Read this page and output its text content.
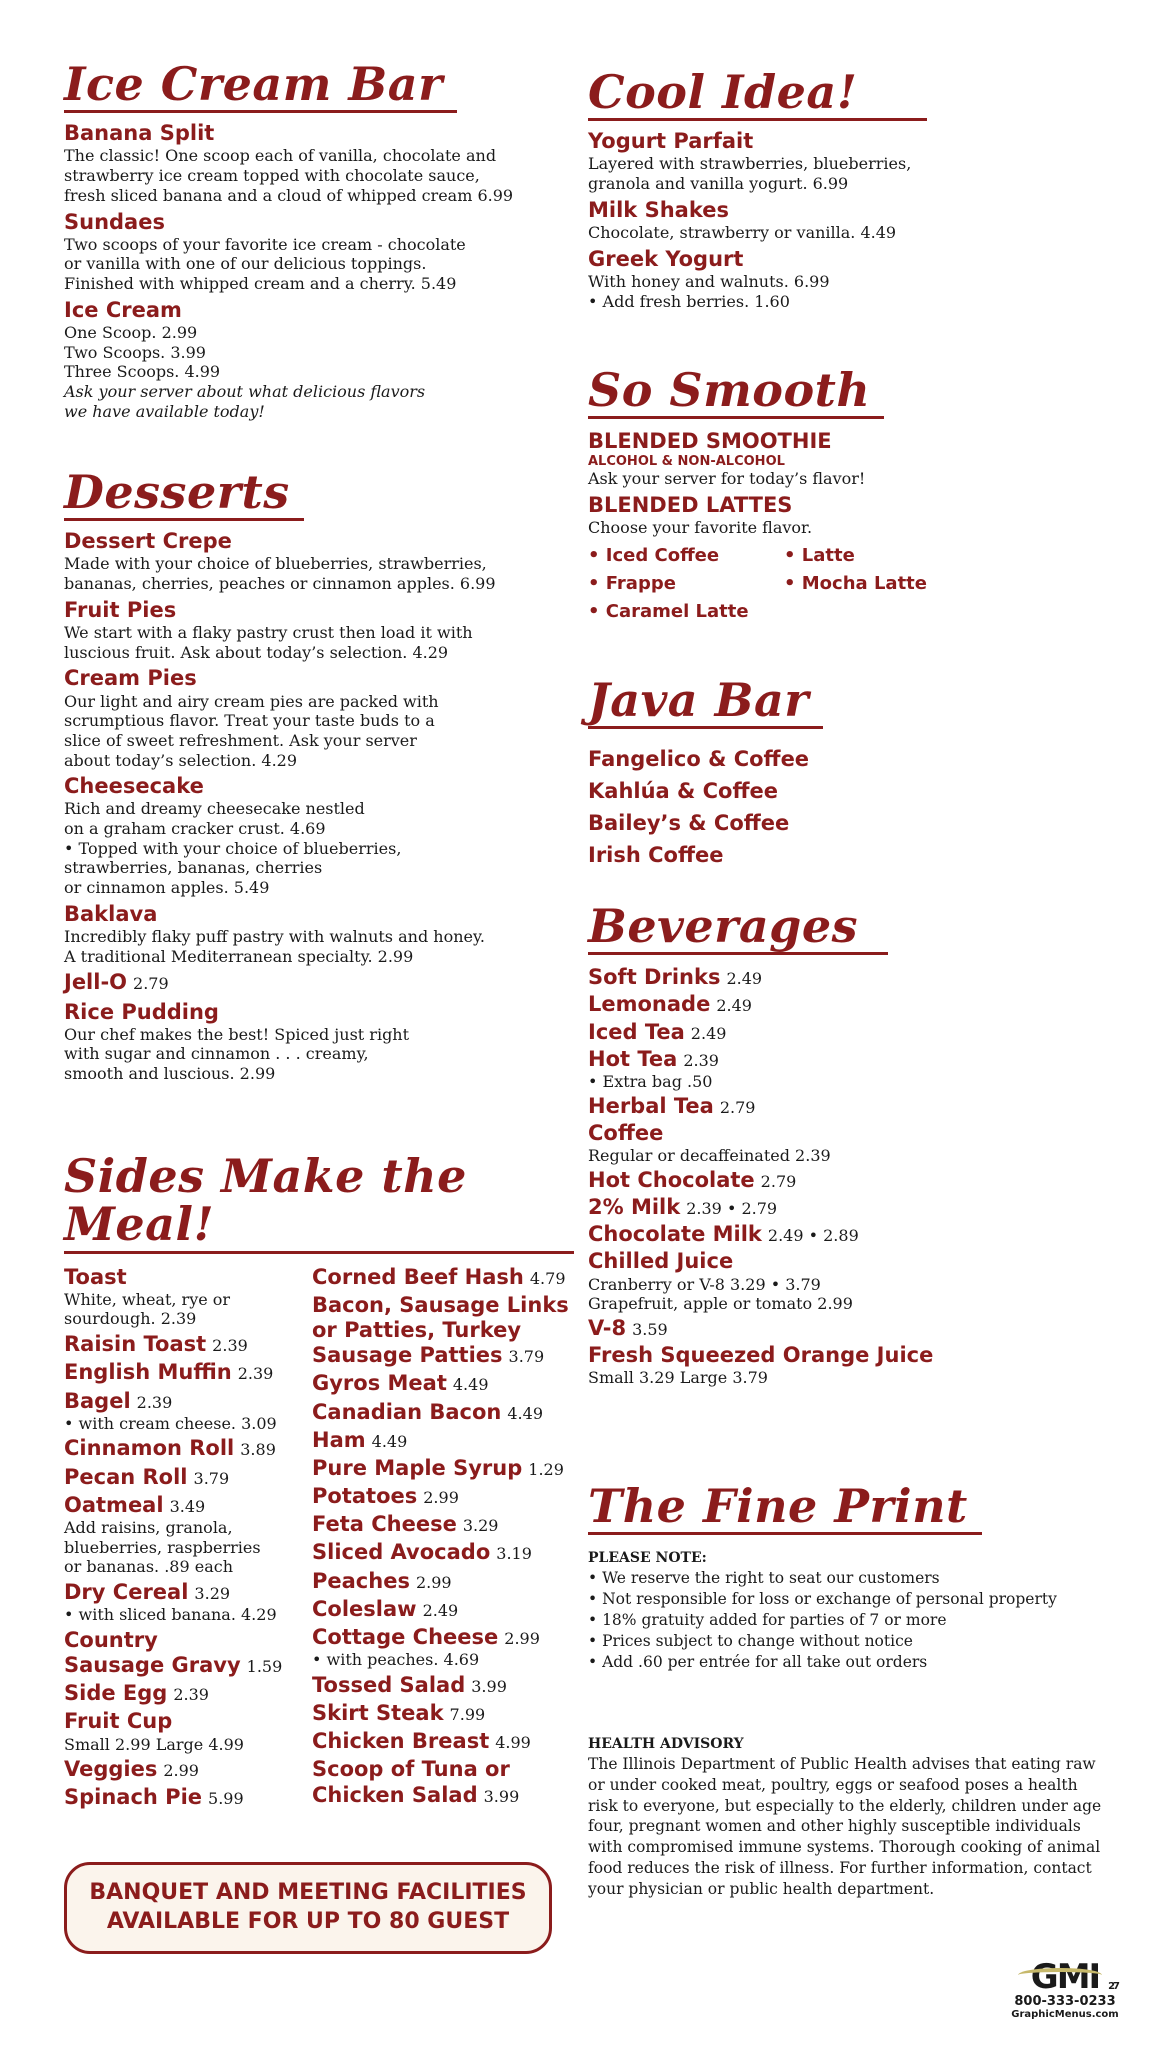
Ice Cream Bar
Banana Split
The classic! One scoop each of vanilla, chocolate and
strawberry ice cream topped with chocolate sauce,
fresh sliced banana and a cloud of whipped cream 6.99
Sundaes
Two scoops of your favorite ice cream - chocolate
or vanilla with one of our delicious toppings.
Finished with whipped cream and a cherry. 5.49
Ice Cream
One Scoop. 2.99
Two Scoops. 3.99
Three Scoops. 4.99
Ask your server about what delicious flavors
we have available today!
Desserts
Dessert Crepe
Made with your choice of blueberries, strawberries,
bananas, cherries, peaches or cinnamon apples. 6.99
Fruit Pies
We start with a flaky pastry crust then load it with
luscious fruit. Ask about today’s selection. 4.29
Cream Pies
Our light and airy cream pies are packed with
scrumptious flavor. Treat your taste buds to a
slice of sweet refreshment. Ask your server
about today’s selection. 4.29
Cheesecake
Rich and dreamy cheesecake nestled
on a graham cracker crust. 4.69
• Topped with your choice of blueberries,
strawberries, bananas, cherries
or cinnamon apples. 5.49
Baklava
Incredibly flaky puff pastry with walnuts and honey.
A traditional Mediterranean specialty. 2.99
Jell-O 2.79
Rice Pudding
Our chef makes the best! Spiced just right
with sugar and cinnamon . . . creamy,
smooth and luscious. 2.99
Sides Make the Meal!
Toast
White, wheat, rye or
sourdough. 2.39
Raisin Toast 2.39
English Muffin 2.39
Bagel 2.39
• with cream cheese. 3.09
Cinnamon Roll 3.89
Pecan Roll 3.79
Oatmeal 3.49
Add raisins, granola,
blueberries, raspberries
or bananas. .89 each
Dry Cereal 3.29
• with sliced banana. 4.29
Country
Sausage Gravy 1.59
Side Egg 2.39
Fruit Cup
Small 2.99 Large 4.99
Veggies 2.99
Spinach Pie 5.99
Corned Beef Hash 4.79
Bacon, Sausage Links
or Patties, Turkey
Sausage Patties 3.79
Gyros Meat 4.49
Canadian Bacon 4.49
Ham 4.49
Pure Maple Syrup 1.29
Potatoes 2.99
Feta Cheese 3.29
Sliced Avocado 3.19
Peaches 2.99
Coleslaw 2.49
Cottage Cheese 2.99
• with peaches. 4.69
Tossed Salad 3.99
Skirt Steak 7.99
Chicken Breast 4.99
Scoop of Tuna or
Chicken Salad 3.99
BANQUET AND MEETING FACILITIES
AVAILABLE FOR UP TO 80 GUEST
Cool Idea!
Yogurt Parfait
Layered with strawberries, blueberries,
granola and vanilla yogurt. 6.99
Milk Shakes
Chocolate, strawberry or vanilla. 4.49
Greek Yogurt
With honey and walnuts. 6.99
• Add fresh berries. 1.60
So Smooth
BLENDED SMOOTHIE
ALCOHOL & NON-ALCOHOL
Ask your server for today’s flavor!
BLENDED LATTES
Choose your favorite flavor.
• Iced Coffee	• Latte
• Frappe	• Mocha Latte
• Caramel Latte
Java Bar
Fangelico & Coffee
Kahlúa & Coffee
Bailey’s & Coffee
Irish Coffee
Beverages
Soft Drinks 2.49
Lemonade 2.49
Iced Tea 2.49
Hot Tea 2.39
• Extra bag .50
Herbal Tea 2.79
Coffee
Regular or decaffeinated 2.39
Hot Chocolate 2.79
2% Milk 2.39 • 2.79
Chocolate Milk 2.49 • 2.89
Chilled Juice
Cranberry or V-8 3.29 • 3.79
Grapefruit, apple or tomato 2.99
V-8 3.59
Fresh Squeezed Orange Juice
Small 3.29 Large 3.79
The Fine Print
PLEASE NOTE:
• We reserve the right to seat our customers
• Not responsible for loss or exchange of personal property
• 18% gratuity added for parties of 7 or more
• Prices subject to change without notice
• Add .60 per entrée for all take out orders
HEALTH ADVISORY
The Illinois Department of Public Health advises that eating raw or under cooked meat, poultry, eggs or seafood poses a health risk to everyone, but especially to the elderly, children under age four, pregnant women and other highly susceptible individuals with compromised immune systems. Thorough cooking of animal food reduces the risk of illness. For further information, contact your physician or public health department.
GMI 27
800-333-0233
GraphicMenus.com
